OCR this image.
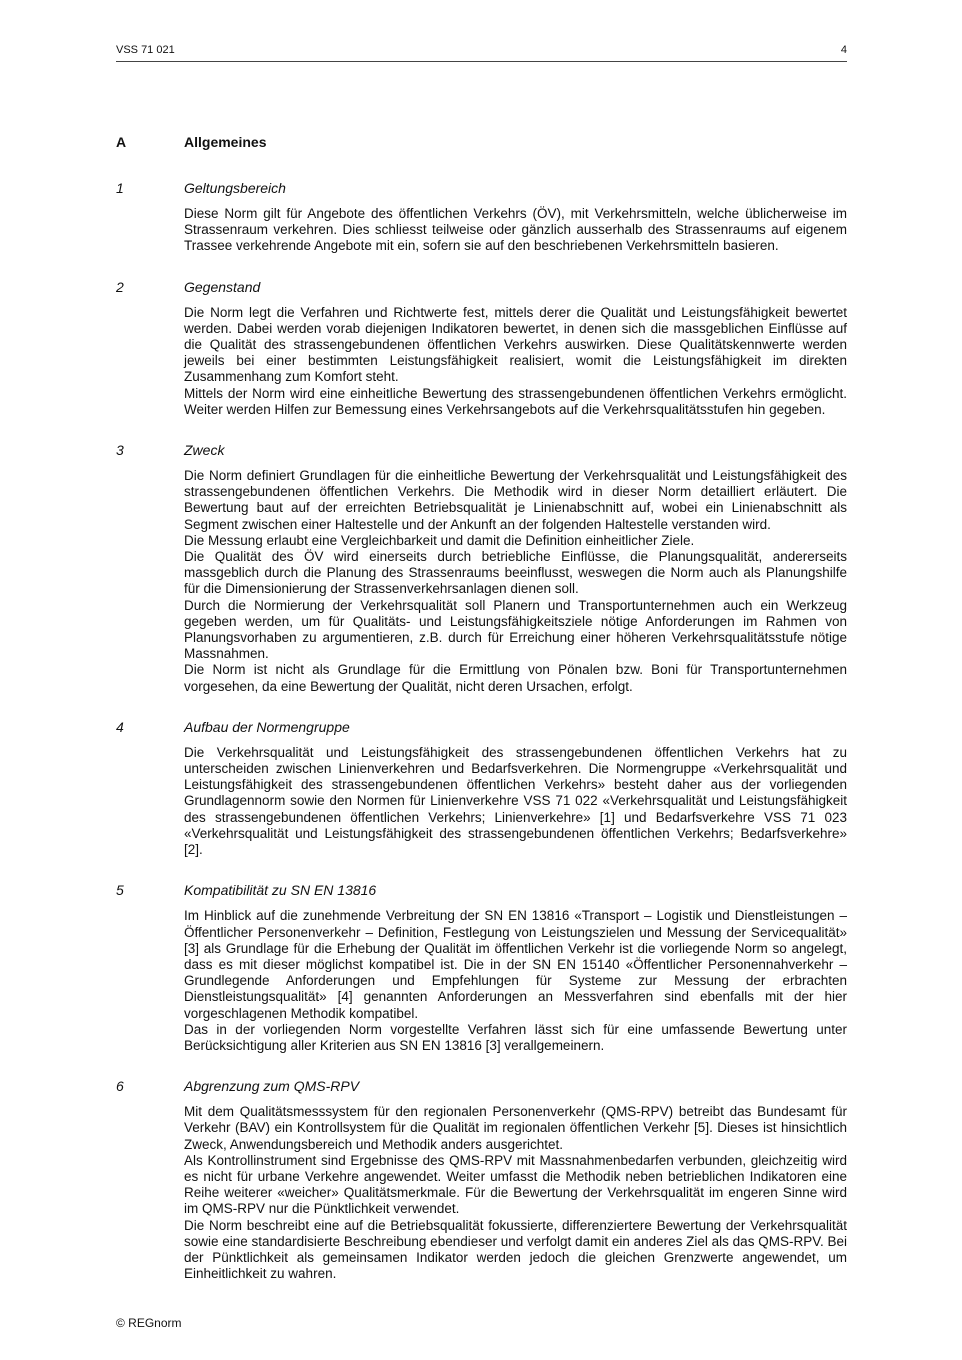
VSS 71 021	4
A	Allgemeines
1	Geltungsbereich

Diese Norm gilt für Angebote des öffentlichen Verkehrs (ÖV), mit Verkehrsmitteln, welche üblicherweise im Strassenraum verkehren. Dies schliesst teilweise oder gänzlich ausserhalb des Strassenraums auf eigenem Trassee verkehrende Angebote mit ein, sofern sie auf den beschriebenen Verkehrsmitteln basieren.

2	Gegenstand

Die Norm legt die Verfahren und Richtwerte fest, mittels derer die Qualität und Leistungsfähigkeit bewertet werden. Dabei werden vorab diejenigen Indikatoren bewertet, in denen sich die massgeblichen Einflüsse auf die Qualität des strassengebundenen öffentlichen Verkehrs auswirken. Diese Qualitätskennwerte werden jeweils bei einer bestimmten Leistungsfähigkeit realisiert, womit die Leistungsfähigkeit im direkten Zusammenhang zum Komfort steht.

Mittels der Norm wird eine einheitliche Bewertung des strassengebundenen öffentlichen Verkehrs ermöglicht. Weiter werden Hilfen zur Bemessung eines Verkehrsangebots auf die Verkehrsqualitätsstufen hin gegeben.

3	Zweck

Die Norm definiert Grundlagen für die einheitliche Bewertung der Verkehrsqualität und Leistungsfähigkeit des strassengebundenen öffentlichen Verkehrs. Die Methodik wird in dieser Norm detailliert erläutert. Die Bewertung baut auf der erreichten Betriebsqualität je Linienabschnitt auf, wobei ein Linienabschnitt als Segment zwischen einer Haltestelle und der Ankunft an der folgenden Haltestelle verstanden wird.

Die Messung erlaubt eine Vergleichbarkeit und damit die Definition einheitlicher Ziele.

Die Qualität des ÖV wird einerseits durch betriebliche Einflüsse, die Planungsqualität, andererseits massgeblich durch die Planung des Strassenraums beeinflusst, weswegen die Norm auch als Planungshilfe für die Dimensionierung der Strassenverkehrsanlagen dienen soll.

Durch die Normierung der Verkehrsqualität soll Planern und Transportunternehmen auch ein Werkzeug gegeben werden, um für Qualitäts- und Leistungsfähigkeitsziele nötige Anforderungen im Rahmen von Planungsvorhaben zu argumentieren, z.B. durch für Erreichung einer höheren Verkehrsqualitätsstufe nötige Massnahmen.

Die Norm ist nicht als Grundlage für die Ermittlung von Pönalen bzw. Boni für Transportunternehmen vorgesehen, da eine Bewertung der Qualität, nicht deren Ursachen, erfolgt.

4	Aufbau der Normengruppe

Die Verkehrsqualität und Leistungsfähigkeit des strassengebundenen öffentlichen Verkehrs hat zu unterscheiden zwischen Linienverkehren und Bedarfsverkehren. Die Normengruppe «Verkehrsqualität und Leistungsfähigkeit des strassengebundenen öffentlichen Verkehrs» besteht daher aus der vorliegenden Grundlagennorm sowie den Normen für Linienverkehre VSS 71 022 «Verkehrsqualität und Leistungsfähigkeit des strassengebundenen öffentlichen Verkehrs; Linienverkehre» [1] und Bedarfsverkehre VSS 71 023 «Verkehrsqualität und Leistungsfähigkeit des strassengebundenen öffentlichen Verkehrs; Bedarfsverkehre» [2].

5	Kompatibilität zu SN EN 13816

Im Hinblick auf die zunehmende Verbreitung der SN EN 13816 «Transport – Logistik und Dienstleistungen – Öffentlicher Personenverkehr – Definition, Festlegung von Leistungszielen und Messung der Servicequalität» [3] als Grundlage für die Erhebung der Qualität im öffentlichen Verkehr ist die vorliegende Norm so angelegt, dass es mit dieser möglichst kompatibel ist. Die in der SN EN 15140 «Öffentlicher Personennahverkehr – Grundlegende Anforderungen und Empfehlungen für Systeme zur Messung der erbrachten Dienstleistungsqualität» [4] genannten Anforderungen an Messverfahren sind ebenfalls mit der hier vorgeschlagenen Methodik kompatibel.

Das in der vorliegenden Norm vorgestellte Verfahren lässt sich für eine umfassende Bewertung unter Berücksichtigung aller Kriterien aus SN EN 13816 [3] verallgemeinern.

6	Abgrenzung zum QMS-RPV

Mit dem Qualitätsmesssystem für den regionalen Personenverkehr (QMS-RPV) betreibt das Bundesamt für Verkehr (BAV) ein Kontrollsystem für die Qualität im regionalen öffentlichen Verkehr [5]. Dieses ist hinsichtlich Zweck, Anwendungsbereich und Methodik anders ausgerichtet.

Als Kontrollinstrument sind Ergebnisse des QMS-RPV mit Massnahmenbedarfen verbunden, gleichzeitig wird es nicht für urbane Verkehre angewendet. Weiter umfasst die Methodik neben betrieblichen Indikatoren eine Reihe weiterer «weicher» Qualitätsmerkmale. Für die Bewertung der Verkehrsqualität im engeren Sinne wird im QMS-RPV nur die Pünktlichkeit verwendet.

Die Norm beschreibt eine auf die Betriebsqualität fokussierte, differenziertere Bewertung der Verkehrsqualität sowie eine standardisierte Beschreibung ebendieser und verfolgt damit ein anderes Ziel als das QMS-RPV. Bei der Pünktlichkeit als gemeinsamen Indikator werden jedoch die gleichen Grenzwerte angewendet, um Einheitlichkeit zu wahren.

© REGnorm
